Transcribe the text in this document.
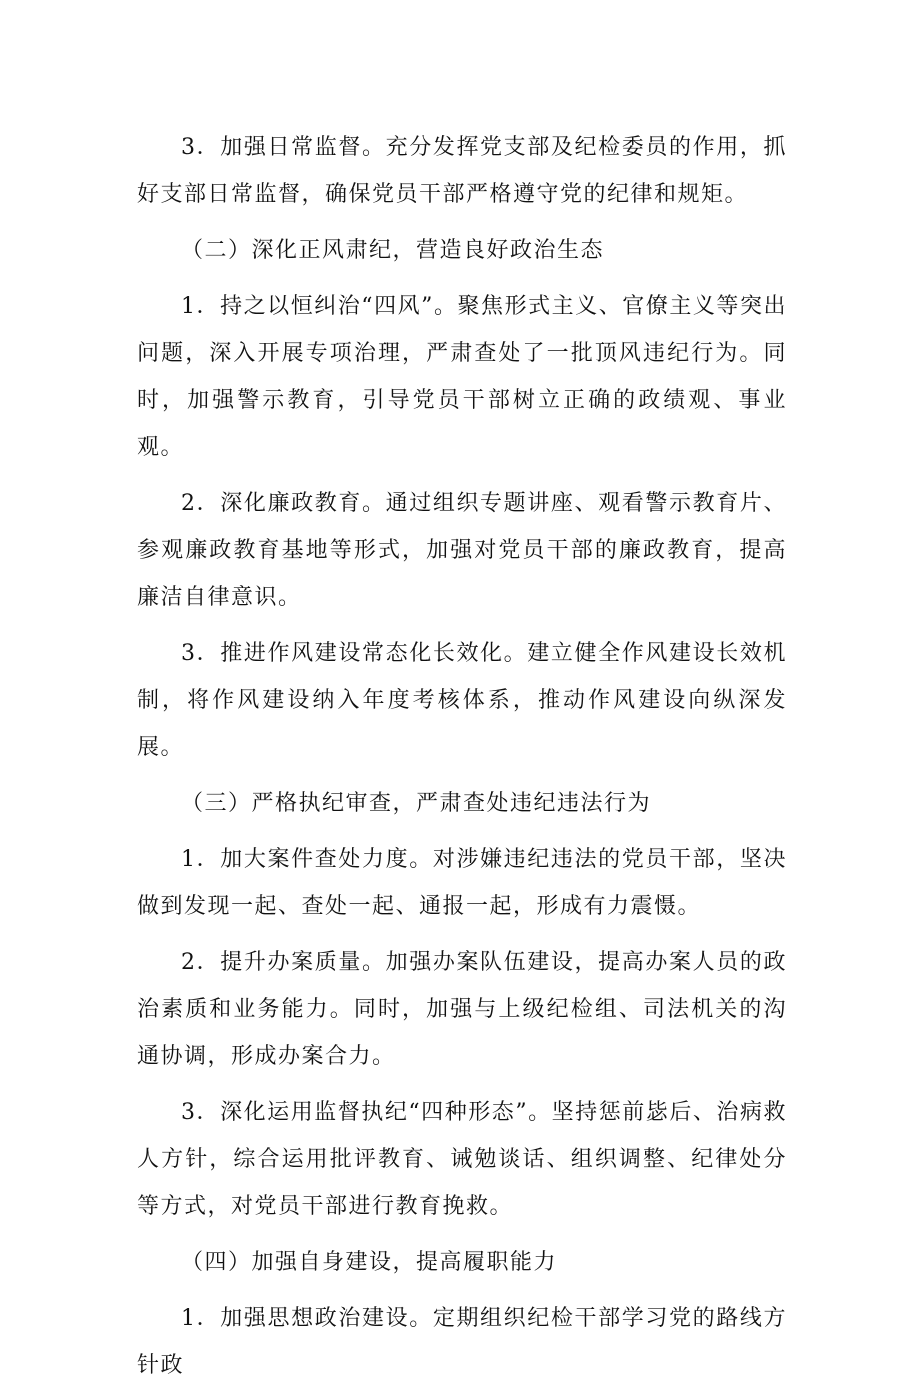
3．加强日常监督。充分发挥党支部及纪检委员的作用，抓好支部日常监督，确保党员干部严格遵守党的纪律和规矩。

（二）深化正风肃纪，营造良好政治生态

1．持之以恒纠治“四风”。聚焦形式主义、官僚主义等突出问题，深入开展专项治理，严肃查处了一批顶风违纪行为。同时，加强警示教育，引导党员干部树立正确的政绩观、事业观。

2．深化廉政教育。通过组织专题讲座、观看警示教育片、参观廉政教育基地等形式，加强对党员干部的廉政教育，提高廉洁自律意识。

3．推进作风建设常态化长效化。建立健全作风建设长效机制，将作风建设纳入年度考核体系，推动作风建设向纵深发展。

（三）严格执纪审查，严肃查处违纪违法行为

1．加大案件查处力度。对涉嫌违纪违法的党员干部，坚决做到发现一起、查处一起、通报一起，形成有力震慑。

2．提升办案质量。加强办案队伍建设，提高办案人员的政治素质和业务能力。同时，加强与上级纪检组、司法机关的沟通协调，形成办案合力。

3．深化运用监督执纪“四种形态”。坚持惩前毖后、治病救人方针，综合运用批评教育、诫勉谈话、组织调整、纪律处分等方式，对党员干部进行教育挽救。

（四）加强自身建设，提高履职能力

1．加强思想政治建设。定期组织纪检干部学习党的路线方针政
